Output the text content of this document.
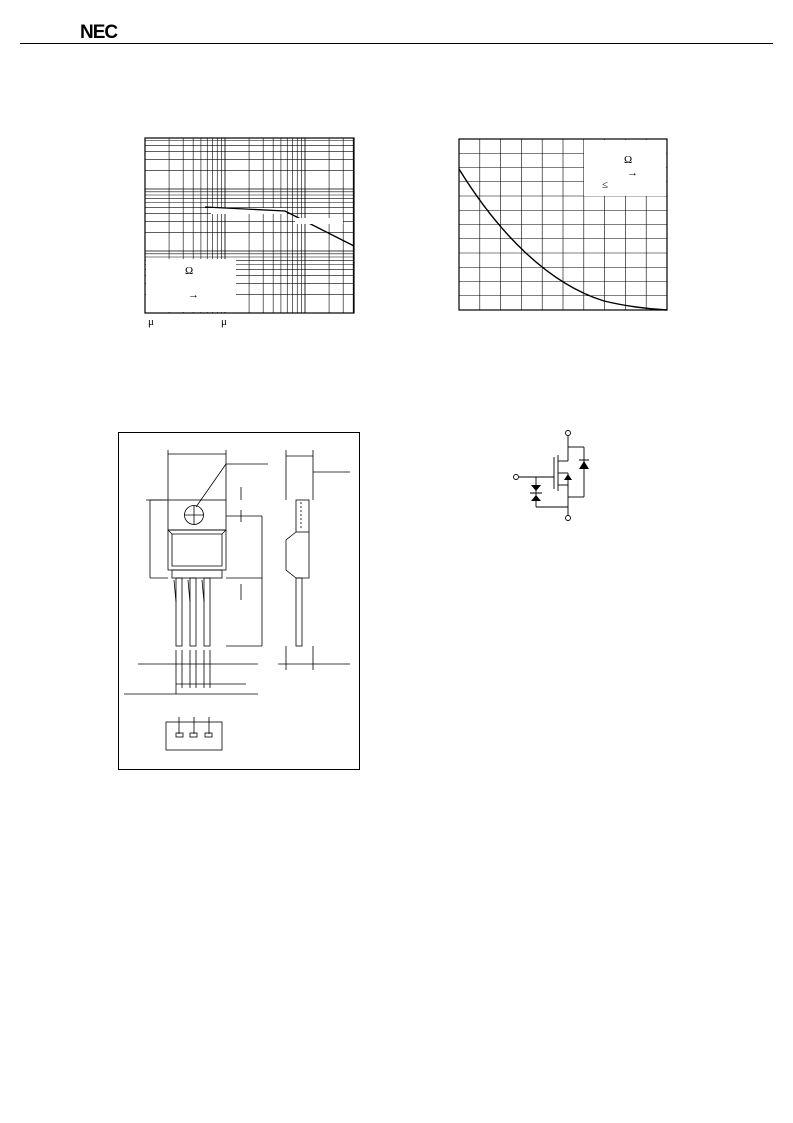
NEC
Ω
→
μ	μ
Ω
→
≤
